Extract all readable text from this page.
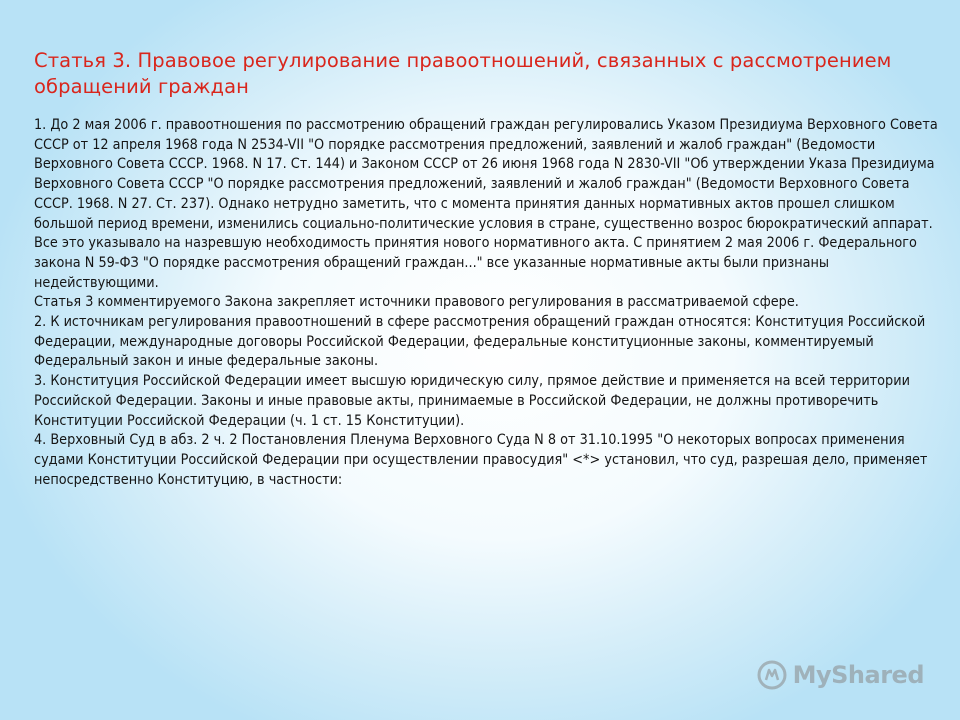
Статья 3. Правовое регулирование правоотношений, связанных с рассмотрением обращений граждан

1. До 2 мая 2006 г. правоотношения по рассмотрению обращений граждан регулировались Указом Президиума Верховного Совета СССР от 12 апреля 1968 года N 2534-VII "О порядке рассмотрения предложений, заявлений и жалоб граждан" (Ведомости Верховного Совета СССР. 1968. N 17. Ст. 144) и Законом СССР от 26 июня 1968 года N 2830-VII "Об утверждении Указа Президиума Верховного Совета СССР "О порядке рассмотрения предложений, заявлений и жалоб граждан" (Ведомости Верховного Совета СССР. 1968. N 27. Ст. 237). Однако нетрудно заметить, что с момента принятия данных нормативных актов прошел слишком большой период времени, изменились социально-политические условия в стране, существенно возрос бюрократический аппарат. Все это указывало на назревшую необходимость принятия нового нормативного акта. С принятием 2 мая 2006 г. Федерального закона N 59-ФЗ "О порядке рассмотрения обращений граждан..." все указанные нормативные акты были признаны недействующими.

Статья 3 комментируемого Закона закрепляет источники правового регулирования в рассматриваемой сфере.

2. К источникам регулирования правоотношений в сфере рассмотрения обращений граждан относятся: Конституция Российской Федерации, международные договоры Российской Федерации, федеральные конституционные законы, комментируемый Федеральный закон и иные федеральные законы.

3. Конституция Российской Федерации имеет высшую юридическую силу, прямое действие и применяется на всей территории Российской Федерации. Законы и иные правовые акты, принимаемые в Российской Федерации, не должны противоречить Конституции Российской Федерации (ч. 1 ст. 15 Конституции).

4. Верховный Суд в абз. 2 ч. 2 Постановления Пленума Верховного Суда N 8 от 31.10.1995 "О некоторых вопросах применения судами Конституции Российской Федерации при осуществлении правосудия" <*> установил, что суд, разрешая дело, применяет непосредственно Конституцию, в частности:

MyShared
